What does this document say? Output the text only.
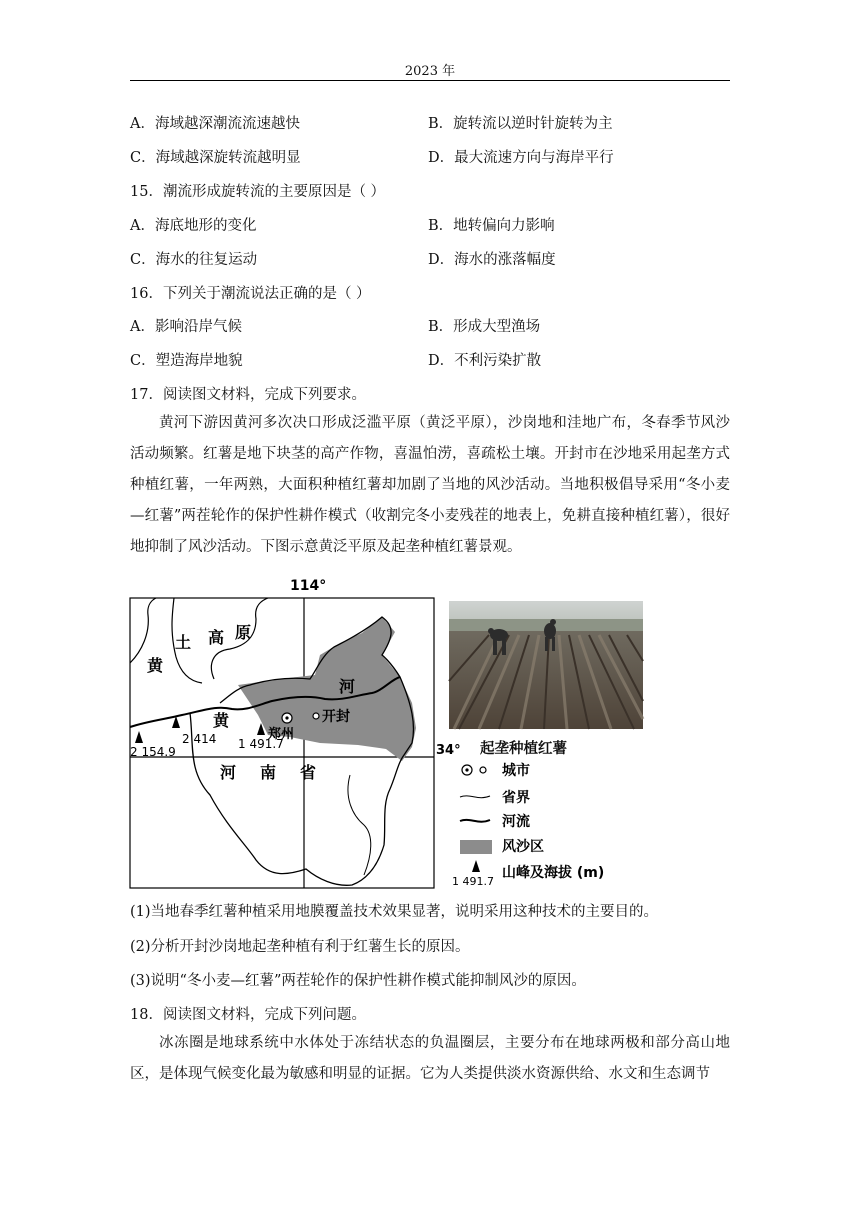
2023 年
A．海域越深潮流流速越快	B．旋转流以逆时针旋转为主
C．海域越深旋转流越明显	D．最大流速方向与海岸平行
15．潮流形成旋转流的主要原因是（ ）
A．海底地形的变化	B．地转偏向力影响
C．海水的往复运动	D．海水的涨落幅度
16．下列关于潮流说法正确的是（ ）
A．影响沿岸气候	B．形成大型渔场
C．塑造海岸地貌	D．不利污染扩散
17．阅读图文材料，完成下列要求。
黄河下游因黄河多次决口形成泛滥平原（黄泛平原），沙岗地和洼地广布，冬春季节风沙活动频繁。红薯是地下块茎的高产作物，喜温怕涝，喜疏松土壤。开封市在沙地采用起垄方式种植红薯，一年两熟，大面积种植红薯却加剧了当地的风沙活动。当地积极倡导采用“冬小麦—红薯”两茬轮作的保护性耕作模式（收割完冬小麦残茬的地表上，免耕直接种植红薯），很好地抑制了风沙活动。下图示意黄泛平原及起垄种植红薯景观。
114°
34°
黄
土 高 原
黄
河
河 南 省
郑州
开封
2 154.9
2 414 1 491.7	起垄种植红薯
城市
省界
河流
风沙区
1 491.7
山峰及海拔 (m)
(1)当地春季红薯种植采用地膜覆盖技术效果显著，说明采用这种技术的主要目的。
(2)分析开封沙岗地起垄种植有利于红薯生长的原因。
(3)说明“冬小麦—红薯”两茬轮作的保护性耕作模式能抑制风沙的原因。
18．阅读图文材料，完成下列问题。
冰冻圈是地球系统中水体处于冻结状态的负温圈层，主要分布在地球两极和部分高山地区，是体现气候变化最为敏感和明显的证据。它为人类提供淡水资源供给、水文和生态调节
